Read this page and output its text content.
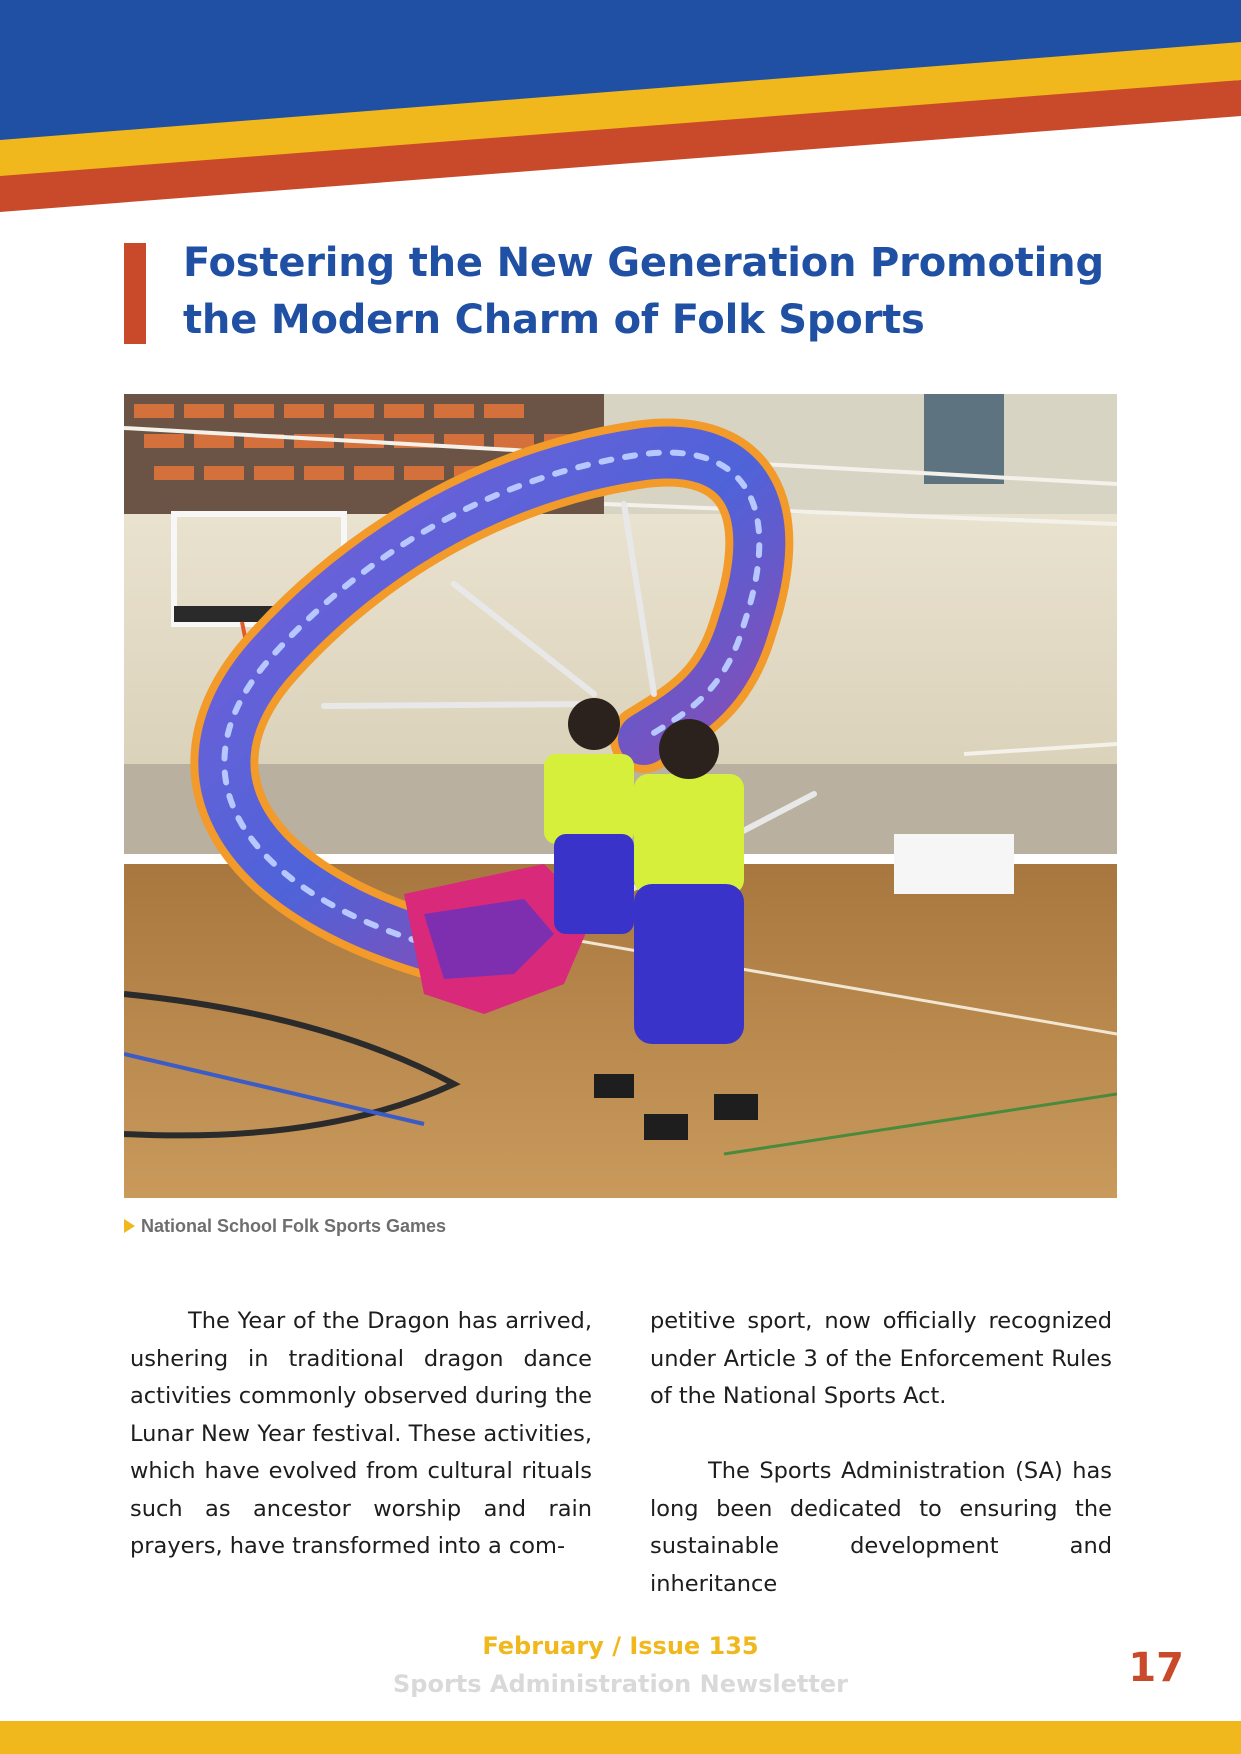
Fostering the New Generation Promoting
the Modern Charm of Folk Sports
National School Folk Sports Games

The Year of the Dragon has arrived, ushering in traditional dragon dance activities commonly observed during the Lunar New Year festival. These activities, which have evolved from cultural rituals such as ancestor worship and rain prayers, have transformed into a com-

petitive sport, now officially recognized under Article 3 of the Enforcement Rules of the National Sports Act.

The Sports Administration (SA) has long been dedicated to ensuring the sustainable development and inheritance

February / Issue 135
Sports Administration Newsletter	17
